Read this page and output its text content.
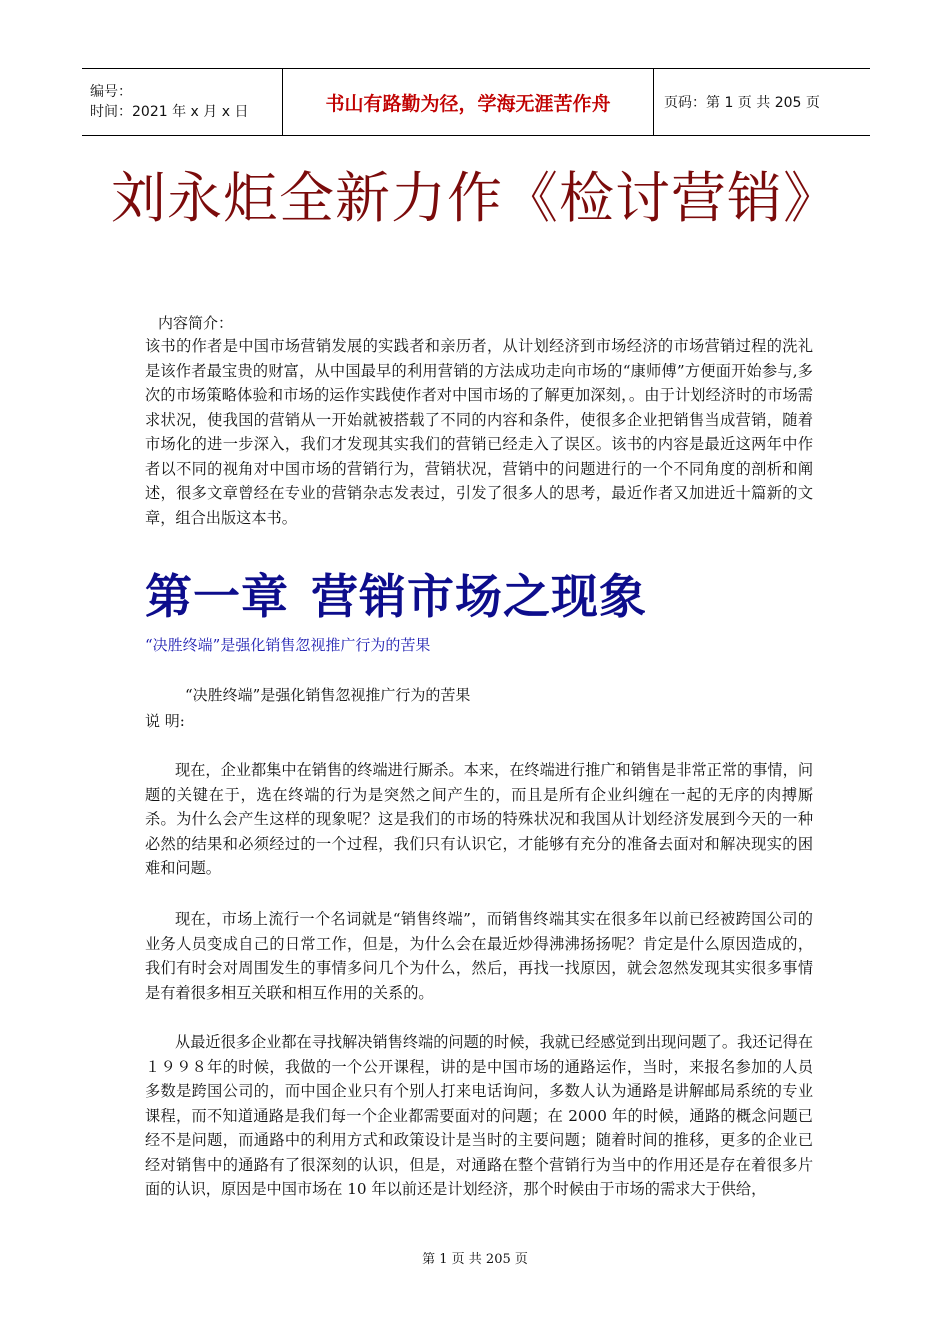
编号：
时间：2021 年 x 月 x 日	书山有路勤为径，学海无涯苦作舟	页码：第 1 页 共 205 页
刘永炬全新力作《检讨营销》
内容简介：

该书的作者是中国市场营销发展的实践者和亲历者，从计划经济到市场经济的市场营销过程的洗礼是该作者最宝贵的财富，从中国最早的利用营销的方法成功走向市场的“康师傅”方便面开始参与,多次的市场策略体验和市场的运作实践使作者对中国市场的了解更加深刻，。由于计划经济时的市场需求状况，使我国的营销从一开始就被搭载了不同的内容和条件，使很多企业把销售当成营销，随着市场化的进一步深入，我们才发现其实我们的营销已经走入了误区。该书的内容是最近这两年中作者以不同的视角对中国市场的营销行为，营销状况，营销中的问题进行的一个不同角度的剖析和阐述，很多文章曾经在专业的营销杂志发表过，引发了很多人的思考，最近作者又加进近十篇新的文章，组合出版这本书。

第一章 营销市场之现象
“决胜终端”是强化销售忽视推广行为的苦果
“决胜终端”是强化销售忽视推广行为的苦果
说 明:

现在，企业都集中在销售的终端进行厮杀。本来，在终端进行推广和销售是非常正常的事情，问题的关键在于，选在终端的行为是突然之间产生的，而且是所有企业纠缠在一起的无序的肉搏厮杀。为什么会产生这样的现象呢？这是我们的市场的特殊状况和我国从计划经济发展到今天的一种必然的结果和必须经过的一个过程，我们只有认识它，才能够有充分的准备去面对和解决现实的困难和问题。

现在，市场上流行一个名词就是“销售终端”，而销售终端其实在很多年以前已经被跨国公司的业务人员变成自己的日常工作，但是，为什么会在最近炒得沸沸扬扬呢？肯定是什么原因造成的，我们有时会对周围发生的事情多问几个为什么，然后，再找一找原因，就会忽然发现其实很多事情是有着很多相互关联和相互作用的关系的。

从最近很多企业都在寻找解决销售终端的问题的时候，我就已经感觉到出现问题了。我还记得在１９９８年的时候，我做的一个公开课程，讲的是中国市场的通路运作，当时，来报名参加的人员多数是跨国公司的，而中国企业只有个别人打来电话询问，多数人认为通路是讲解邮局系统的专业课程，而不知道通路是我们每一个企业都需要面对的问题；在 2000 年的时候，通路的概念问题已经不是问题，而通路中的利用方式和政策设计是当时的主要问题；随着时间的推移，更多的企业已经对销售中的通路有了很深刻的认识，但是，对通路在整个营销行为当中的作用还是存在着很多片面的认识，原因是中国市场在 10 年以前还是计划经济，那个时候由于市场的需求大于供给，

第 1 页 共 205 页
